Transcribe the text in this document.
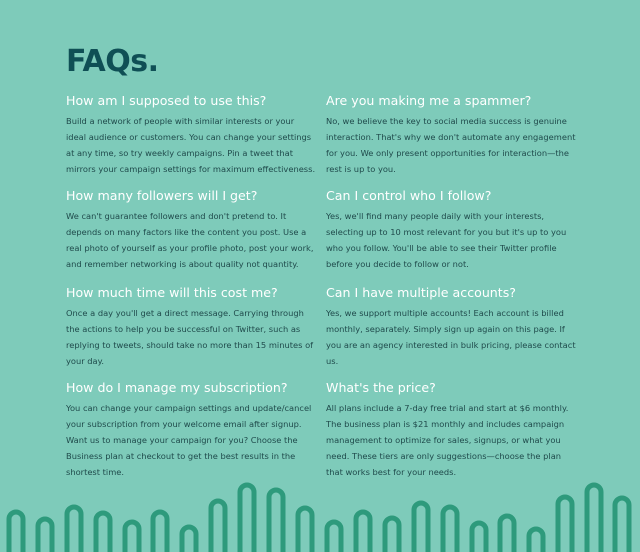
FAQs.
How am I supposed to use this?

Build a network of people with similar interests or your ideal audience or customers. You can change your settings at any time, so try weekly campaigns. Pin a tweet that mirrors your campaign settings for maximum effectiveness.

Are you making me a spammer?

No, we believe the key to social media success is genuine interaction. That's why we don't automate any engagement for you. We only present opportunities for interaction—the rest is up to you.

How many followers will I get?

We can't guarantee followers and don't pretend to. It depends on many factors like the content you post. Use a real photo of yourself as your profile photo, post your work, and remember networking is about quality not quantity.

Can I control who I follow?

Yes, we'll find many people daily with your interests, selecting up to 10 most relevant for you but it's up to you who you follow. You'll be able to see their Twitter profile before you decide to follow or not.

How much time will this cost me?

Once a day you'll get a direct message. Carrying through the actions to help you be successful on Twitter, such as replying to tweets, should take no more than 15 minutes of your day.

Can I have multiple accounts?

Yes, we support multiple accounts! Each account is billed monthly, separately. Simply sign up again on this page. If you are an agency interested in bulk pricing, please contact us.

How do I manage my subscription?

You can change your campaign settings and update/cancel your subscription from your welcome email after signup. Want us to manage your campaign for you? Choose the Business plan at checkout to get the best results in the shortest time.

What's the price?

All plans include a 7-day free trial and start at $6 monthly. The business plan is $21 monthly and includes campaign management to optimize for sales, signups, or what you need. These tiers are only suggestions—choose the plan that works best for your needs.
